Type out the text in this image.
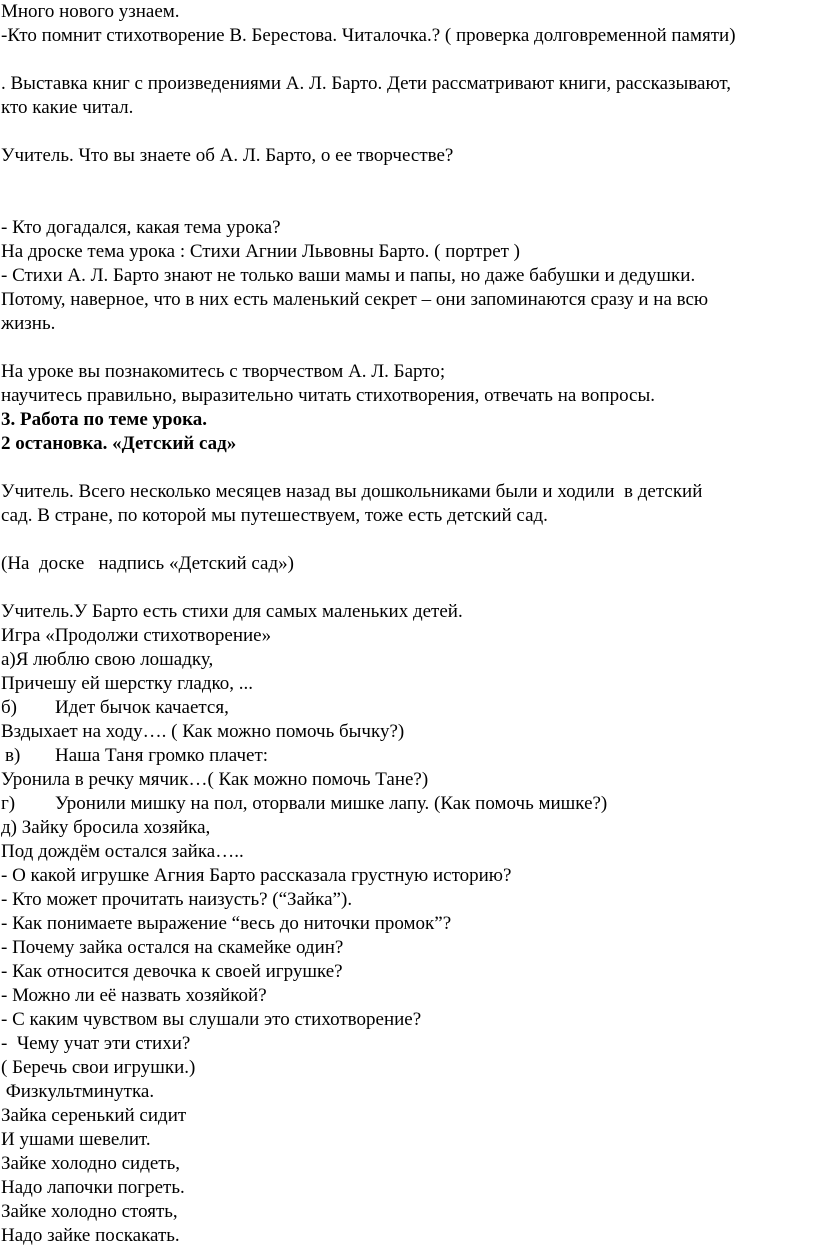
Много нового узнаем.
-Кто помнит стихотворение В. Берестова. Читалочка.? ( проверка долговременной памяти)
. Выставка книг с произведениями А. Л. Барто. Дети рассматривают книги, рассказывают,
кто какие читал.
Учитель. Что вы знаете об А. Л. Барто, о ее творчестве?
- Кто догадался, какая тема урока?
На дроске тема урока : Стихи Агнии Львовны Барто. ( портрет )
- Стихи А. Л. Барто знают не только ваши мамы и папы, но даже бабушки и дедушки.
Потому, наверное, что в них есть маленький секрет – они запоминаются сразу и на всю
жизнь.
На уроке вы познакомитесь с творчеством А. Л. Барто;
научитесь правильно, выразительно читать стихотворения, отвечать на вопросы.
3. Работа по теме урока.
2 остановка. «Детский сад»
Учитель. Всего несколько месяцев назад вы дошкольниками были и ходили  в детский
сад. В стране, по которой мы путешествуем, тоже есть детский сад.
(На  доске   надпись «Детский сад»)
Учитель.У Барто есть стихи для самых маленьких детей.
Игра «Продолжи стихотворение»
а)Я люблю свою лошадку,
Причешу ей шерстку гладко, ...
б) Идет бычок качается,
Вздыхает на ходу…. ( Как можно помочь бычку?)
в) Наша Таня громко плачет:
Уронила в речку мячик…( Как можно помочь Тане?)
г) Уронили мишку на пол, оторвали мишке лапу. (Как помочь мишке?)
д) Зайку бросила хозяйка,
Под дождём остался зайка…..
- О какой игрушке Агния Барто рассказала грустную историю?
- Кто может прочитать наизусть? (“Зайка”).
- Как понимаете выражение “весь до ниточки промок”?
- Почему зайка остался на скамейке один?
- Как относится девочка к своей игрушке?
- Можно ли её назвать хозяйкой?
- С каким чувством вы слушали это стихотворение?
-  Чему учат эти стихи?
( Беречь свои игрушки.)
Физкультминутка.
Зайка серенький сидит
И ушами шевелит.
Зайке холодно сидеть,
Надо лапочки погреть.
Зайке холодно стоять,
Надо зайке поскакать.
